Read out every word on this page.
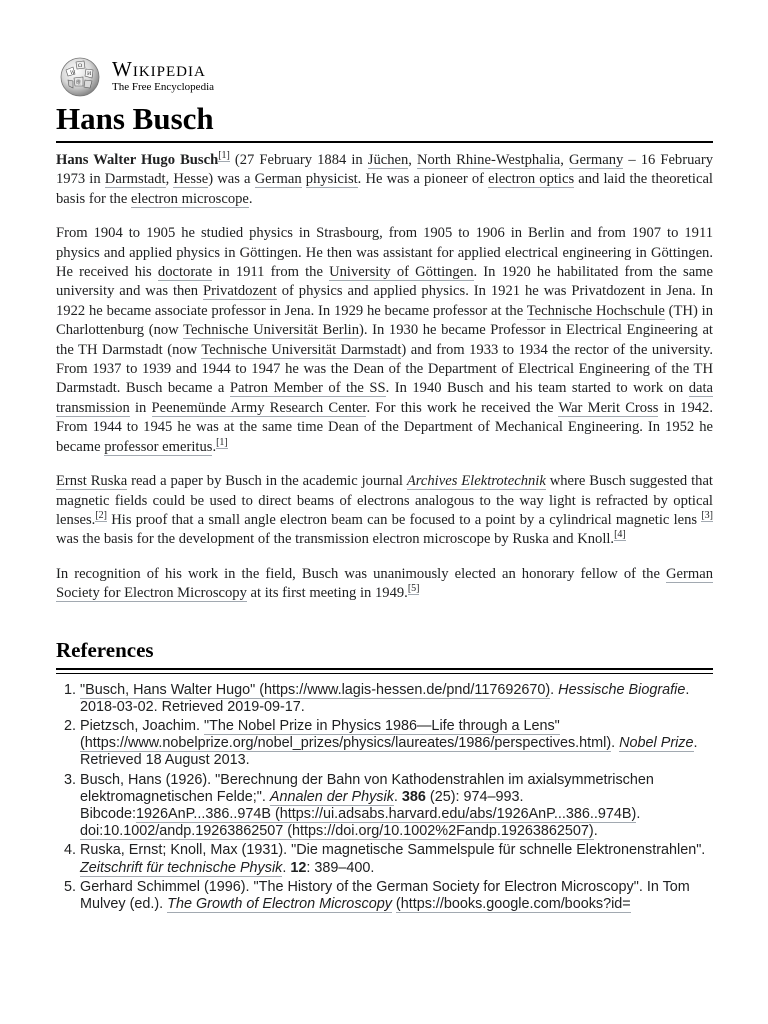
W
Ω
И
维
Wikipedia
The Free Encyclopedia
Hans Busch

Hans Walter Hugo Busch[1] (27 February 1884 in Jüchen, North Rhine-Westphalia, Germany – 16 February 1973 in Darmstadt, Hesse) was a German physicist. He was a pioneer of electron optics and laid the theoretical basis for the electron microscope.

From 1904 to 1905 he studied physics in Strasbourg, from 1905 to 1906 in Berlin and from 1907 to 1911 physics and applied physics in Göttingen. He then was assistant for applied electrical engineering in Göttingen. He received his doctorate in 1911 from the University of Göttingen. In 1920 he habilitated from the same university and was then Privatdozent of physics and applied physics. In 1921 he was Privatdozent in Jena. In 1922 he became associate professor in Jena. In 1929 he became professor at the Technische Hochschule (TH) in Charlottenburg (now Technische Universität Berlin). In 1930 he became Professor in Electrical Engineering at the TH Darmstadt (now Technische Universität Darmstadt) and from 1933 to 1934 the rector of the university. From 1937 to 1939 and 1944 to 1947 he was the Dean of the Department of Electrical Engineering of the TH Darmstadt. Busch became a Patron Member of the SS. In 1940 Busch and his team started to work on data transmission in Peenemünde Army Research Center. For this work he received the War Merit Cross in 1942. From 1944 to 1945 he was at the same time Dean of the Department of Mechanical Engineering. In 1952 he became professor emeritus.[1]

Ernst Ruska read a paper by Busch in the academic journal Archives Elektrotechnik where Busch suggested that magnetic fields could be used to direct beams of electrons analogous to the way light is refracted by optical lenses.[2] His proof that a small angle electron beam can be focused to a point by a cylindrical magnetic lens [3] was the basis for the development of the transmission electron microscope by Ruska and Knoll.[4]

In recognition of his work in the field, Busch was unanimously elected an honorary fellow of the German Society for Electron Microscopy at its first meeting in 1949.[5]

References
1. "Busch, Hans Walter Hugo" (https://www.lagis-hessen.de/pnd/117692670). Hessische Biografie. 2018-03-02. Retrieved 2019-09-17.
2. Pietzsch, Joachim. "The Nobel Prize in Physics 1986—Life through a Lens" (https://www.nobelprize.org/nobel_prizes/physics/laureates/1986/perspectives.html). Nobel Prize. Retrieved 18 August 2013.
3. Busch, Hans (1926). "Berechnung der Bahn von Kathodenstrahlen im axialsymmetrischen elektromagnetischen Felde;". Annalen der Physik. 386 (25): 974–993. Bibcode:1926AnP...386..974B (https://ui.adsabs.harvard.edu/abs/1926AnP...386..974B). doi:10.1002/andp.19263862507 (https://doi.org/10.1002%2Fandp.19263862507).
4. Ruska, Ernst; Knoll, Max (1931). "Die magnetische Sammelspule für schnelle Elektronenstrahlen". Zeitschrift für technische Physik. 12: 389–400.
5. Gerhard Schimmel (1996). "The History of the German Society for Electron Microscopy". In Tom Mulvey (ed.). The Growth of Electron Microscopy (https://books.google.com/books?id=
